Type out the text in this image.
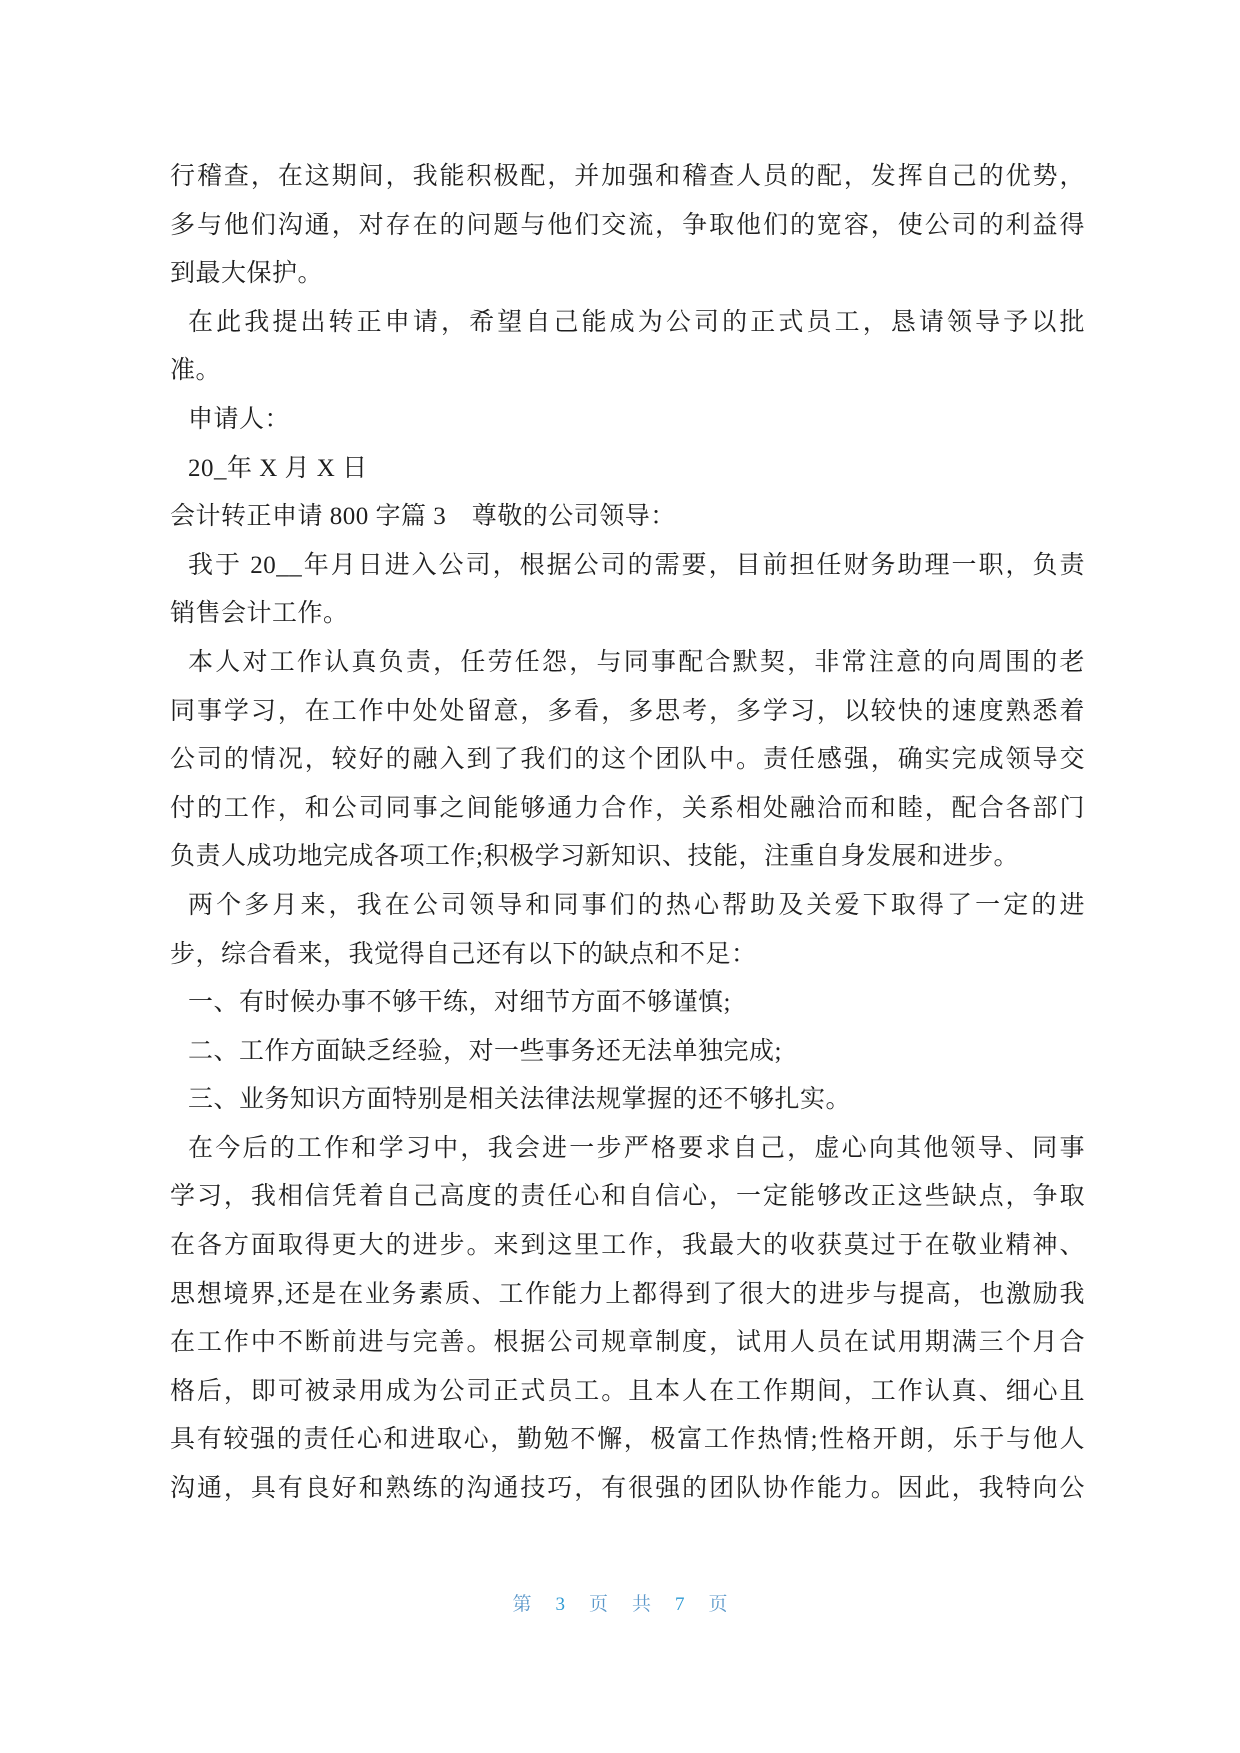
行稽查，在这期间，我能积极配，并加强和稽查人员的配，发挥自己的优势，
多与他们沟通，对存在的问题与他们交流，争取他们的宽容，使公司的利益得
到最大保护。
在此我提出转正申请，希望自己能成为公司的正式员工，恳请领导予以批
准。
申请人：
20_年 X 月 X 日
会计转正申请 800 字篇 3　尊敬的公司领导：
我于 20__年月日进入公司，根据公司的需要，目前担任财务助理一职，负责
销售会计工作。
本人对工作认真负责，任劳任怨，与同事配合默契，非常注意的向周围的老
同事学习，在工作中处处留意，多看，多思考，多学习，以较快的速度熟悉着
公司的情况，较好的融入到了我们的这个团队中。责任感强，确实完成领导交
付的工作，和公司同事之间能够通力合作，关系相处融洽而和睦，配合各部门
负责人成功地完成各项工作;积极学习新知识、技能，注重自身发展和进步。
两个多月来，我在公司领导和同事们的热心帮助及关爱下取得了一定的进
步，综合看来，我觉得自己还有以下的缺点和不足：
一、有时候办事不够干练，对细节方面不够谨慎;
二、工作方面缺乏经验，对一些事务还无法单独完成;
三、业务知识方面特别是相关法律法规掌握的还不够扎实。
在今后的工作和学习中，我会进一步严格要求自己，虚心向其他领导、同事
学习，我相信凭着自己高度的责任心和自信心，一定能够改正这些缺点，争取
在各方面取得更大的进步。来到这里工作，我最大的收获莫过于在敬业精神、
思想境界,还是在业务素质、工作能力上都得到了很大的进步与提高，也激励我
在工作中不断前进与完善。根据公司规章制度，试用人员在试用期满三个月合
格后，即可被录用成为公司正式员工。且本人在工作期间，工作认真、细心且
具有较强的责任心和进取心，勤勉不懈，极富工作热情;性格开朗，乐于与他人
沟通，具有良好和熟练的沟通技巧，有很强的团队协作能力。因此，我特向公
第 3 页 共 7 页
